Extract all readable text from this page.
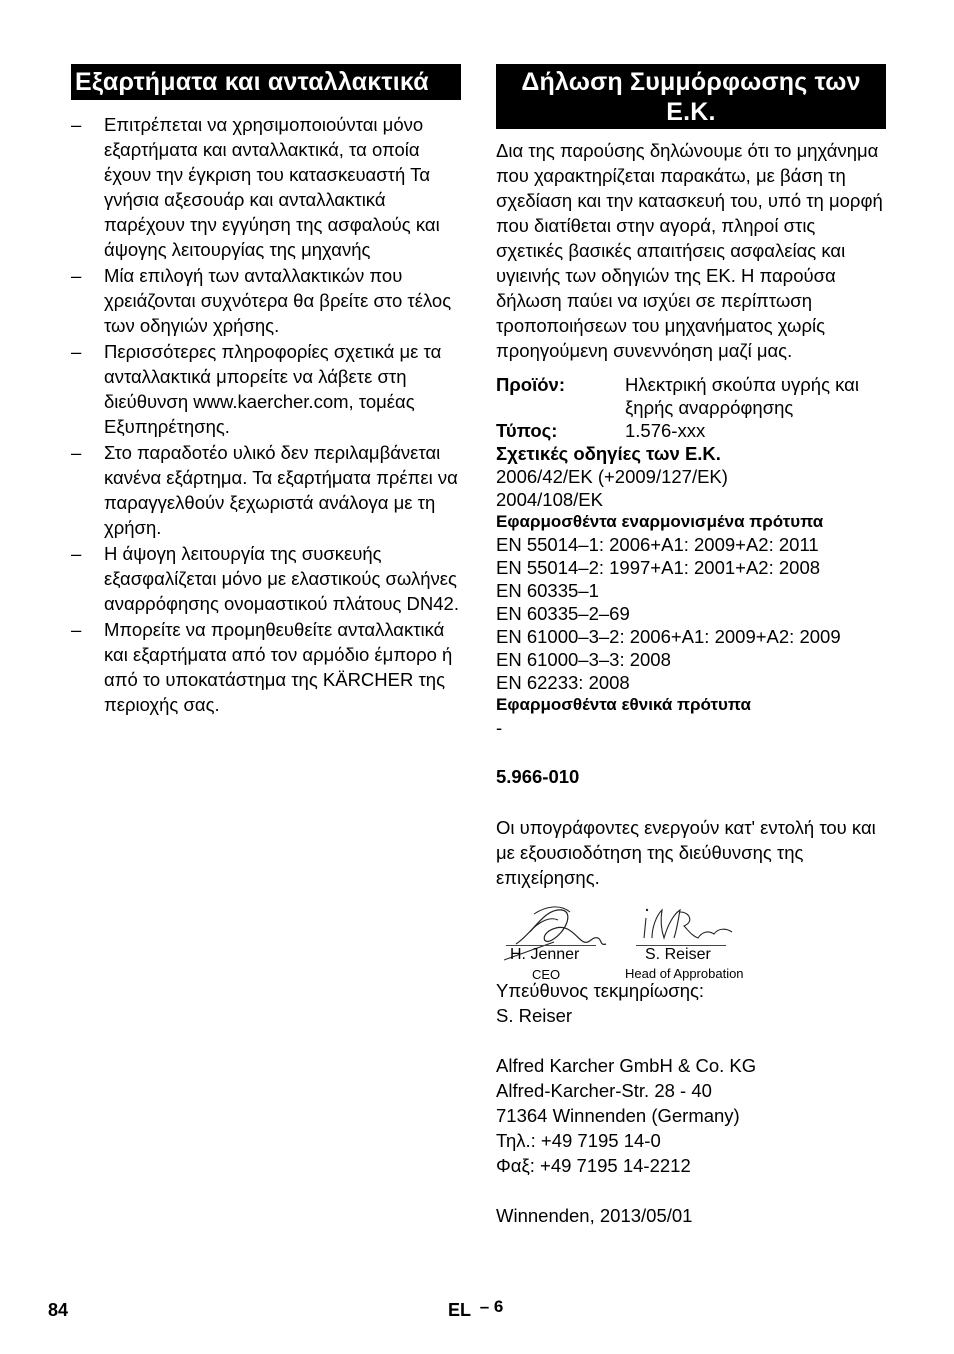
Εξαρτήματα και ανταλλακτικά
– Επιτρέπεται να χρησιμοποιούνται μόνο εξαρτήματα και ανταλλακτικά, τα οποία έχουν την έγκριση του κατασκευαστή Τα γνήσια αξεσουάρ και ανταλλακτικά παρέχουν την εγγύηση της ασφαλούς και άψογης λειτουργίας της μηχανής
– Μία επιλογή των ανταλλακτικών που χρειάζονται συχνότερα θα βρείτε στο τέλος των οδηγιών χρήσης.
– Περισσότερες πληροφορίες σχετικά με τα ανταλλακτικά μπορείτε να λάβετε στη διεύθυνση www.kaercher.com, τομέας Εξυπηρέτησης.
– Στο παραδοτέο υλικό δεν περιλαμβάνεται κανένα εξάρτημα. Τα εξαρτήματα πρέπει να παραγγελθούν ξεχωριστά ανάλογα με τη χρήση.
– Η άψογη λειτουργία της συσκευής εξασφαλίζεται μόνο με ελαστικούς σωλήνες αναρρόφησης ονομαστικού πλάτους DN42.
– Μπορείτε να προμηθευθείτε ανταλλακτικά και εξαρτήματα από τον αρμόδιο έμπορο ή από το υποκατάστημα της KÄRCHER της περιοχής σας.
Δήλωση Συμμόρφωσης των Ε.Κ.

Δια της παρούσης δηλώνουμε ότι το μηχάνημα που χαρακτηρίζεται παρακάτω, με βάση τη σχεδίαση και την κατασκευή του, υπό τη μορφή που διατίθεται στην αγορά, πληροί στις σχετικές βασικές απαιτήσεις ασφαλείας και υγιεινής των οδηγιών της ΕΚ. Η παρούσα δήλωση παύει να ισχύει σε περίπτωση τροποποιήσεων του μηχανήματος χωρίς προηγούμενη συνεννόηση μαζί μας.

Προϊόν:	Ηλεκτρική σκούπα υγρής και ξηρής αναρρόφησης
Τύπος:	1.576-xxx
Σχετικές οδηγίες των Ε.Κ.
2006/42/ΕΚ (+2009/127/ΕΚ)
2004/108/ΕΚ
Εφαρμοσθέντα εναρμονισμένα πρότυπα
EN 55014–1: 2006+A1: 2009+A2: 2011
EN 55014–2: 1997+A1: 2001+A2: 2008
EN 60335–1
EN 60335–2–69
EN 61000–3–2: 2006+A1: 2009+A2: 2009
EN 61000–3–3: 2008
EN 62233: 2008
Εφαρμοσθέντα εθνικά πρότυπα
-
5.966-010

Οι υπογράφοντες ενεργούν κατ' εντολή του και με εξουσιοδότηση της διεύθυνσης της επιχείρησης.

H. Jenner
CEO
S. Reiser
Head of Approbation
Υπεύθυνος τεκμηρίωσης:
S. Reiser
Alfred Karcher GmbH & Co. KG
Alfred-Karcher-Str. 28 - 40
71364 Winnenden (Germany)
Τηλ.: +49 7195 14-0
Φαξ: +49 7195 14-2212
Winnenden, 2013/05/01
84	EL – 6
